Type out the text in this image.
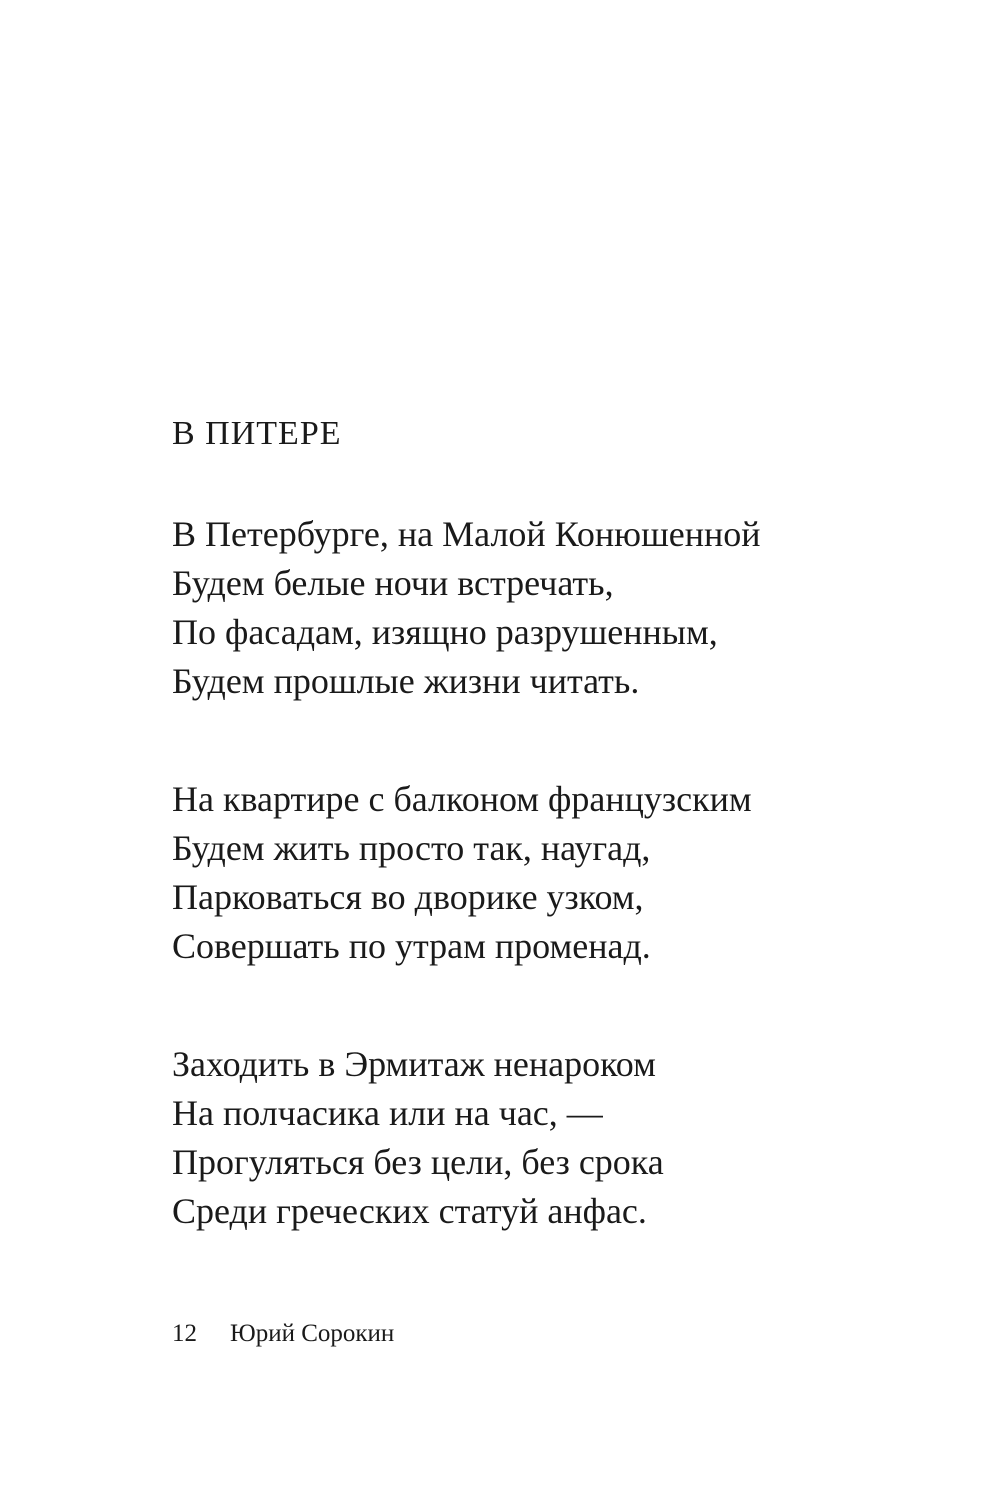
В ПИТЕРЕ
В Петербурге, на Малой Конюшенной
Будем белые ночи встречать,
По фасадам, изящно разрушенным,
Будем прошлые жизни читать.
На квартире с балконом французским
Будем жить просто так, наугад,
Парковаться во дворике узком,
Совершать по утрам променад.
Заходить в Эрмитаж ненароком
На полчасика или на час, —
Прогуляться без цели, без срока
Среди греческих статуй анфас.
12 Юрий Сорокин
